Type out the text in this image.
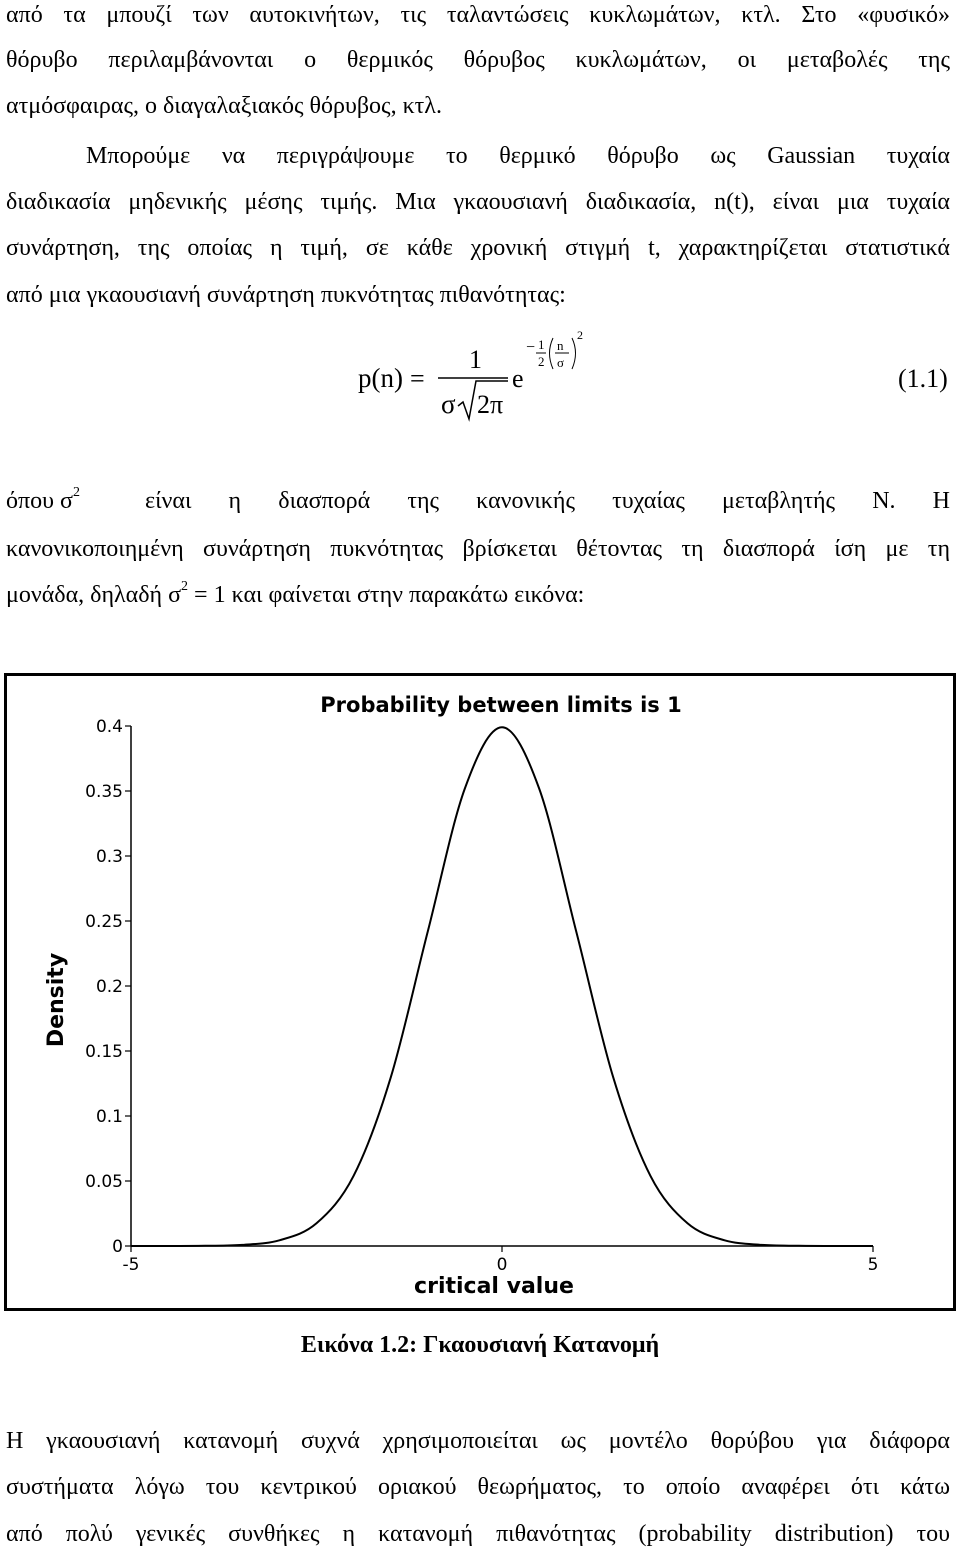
από τα μπουζί των αυτοκινήτων, τις ταλαντώσεις κυκλωμάτων, κτλ. Στο «φυσικό»
θόρυβο περιλαμβάνονται ο θερμικός θόρυβος κυκλωμάτων, οι μεταβολές της
ατμόσφαιρας, ο διαγαλαξιακός θόρυβος, κτλ.
Μπορούμε να περιγράψουμε το θερμικό θόρυβο ως Gaussian τυχαία
διαδικασία μηδενικής μέσης τιμής. Μια γκαουσιανή διαδικασία, n(t), είναι μια τυχαία
συνάρτηση, της οποίας η τιμή, σε κάθε χρονική στιγμή t, χαρακτηρίζεται στατιστικά
από μια γκαουσιανή συνάρτηση πυκνότητας πιθανότητας:
p(n) =
1
σ 2π
e
− 1
2
n
σ
2
(1.1)
όπου $\sigma^2$	είναι η διασπορά της κανονικής τυχαίας μεταβλητής Ν. Η
κανονικοποιημένη συνάρτηση πυκνότητας βρίσκεται θέτοντας τη διασπορά ίση με τη
μονάδα, δηλαδή $\sigma^2 = 1$ και φαίνεται στην παρακάτω εικόνα:
Probability between limits is 1
Density
critical value
0
0.05
0.1
0.15
0.2
0.25
0.3
0.35
0.4
-5	0	5
Εικόνα 1.2: Γκαουσιανή Κατανομή
Η γκαουσιανή κατανομή συχνά χρησιμοποιείται ως μοντέλο θορύβου για διάφορα
συστήματα λόγω του κεντρικού οριακού θεωρήματος, το οποίο αναφέρει ότι κάτω
από πολύ γενικές συνθήκες η κατανομή πιθανότητας (probability distribution) του
